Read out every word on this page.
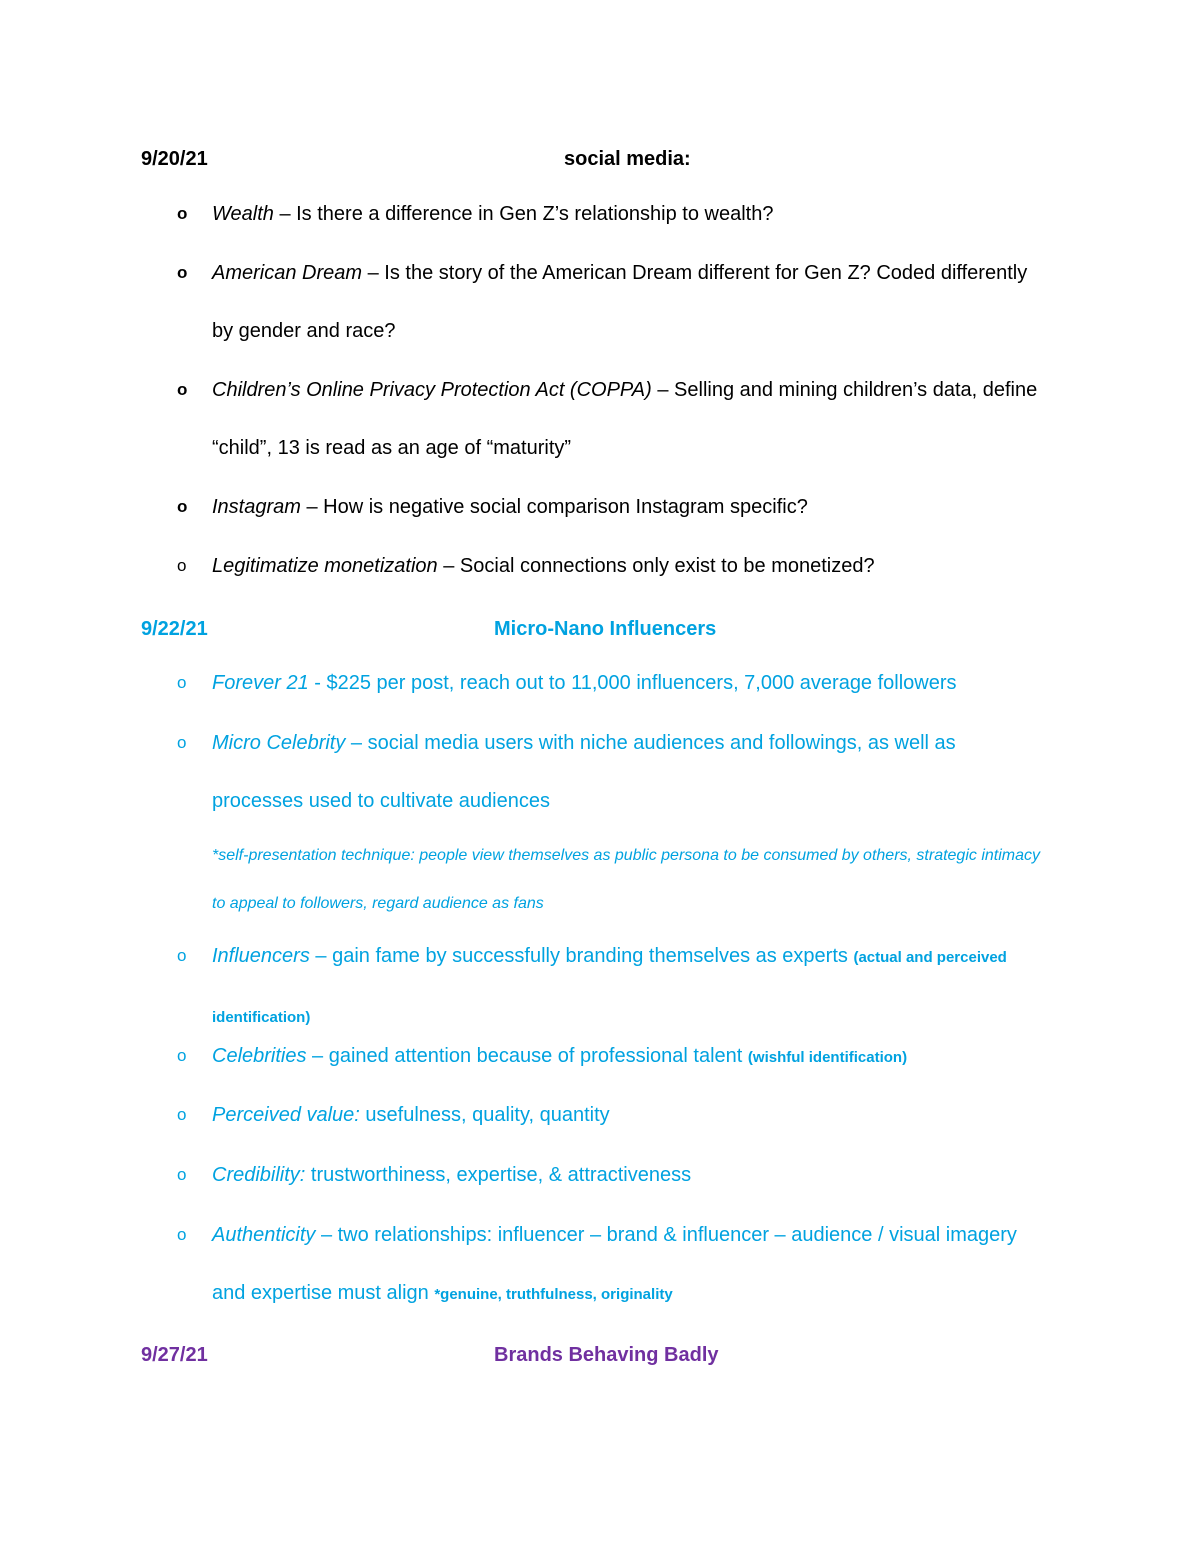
9/20/21	social media:
o Wealth – Is there a difference in Gen Z’s relationship to wealth?
o American Dream – Is the story of the American Dream different for Gen Z? Coded differently by gender and race?
o Children’s Online Privacy Protection Act (COPPA) – Selling and mining children’s data, define “child”, 13 is read as an age of “maturity”
o Instagram – How is negative social comparison Instagram specific?
o Legitimatize monetization – Social connections only exist to be monetized?
9/22/21	Micro-Nano Influencers
o Forever 21 - $225 per post, reach out to 11,000 influencers, 7,000 average followers
o Micro Celebrity – social media users with niche audiences and followings, as well as processes used to cultivate audiences
*self-presentation technique: people view themselves as public persona to be consumed by others, strategic intimacy to appeal to followers, regard audience as fans
o Influencers – gain fame by successfully branding themselves as experts (actual and perceived identification)
o Celebrities – gained attention because of professional talent (wishful identification)
o Perceived value: usefulness, quality, quantity
o Credibility: trustworthiness, expertise, & attractiveness
o Authenticity – two relationships: influencer – brand & influencer – audience / visual imagery and expertise must align *genuine, truthfulness, originality
9/27/21	Brands Behaving Badly
